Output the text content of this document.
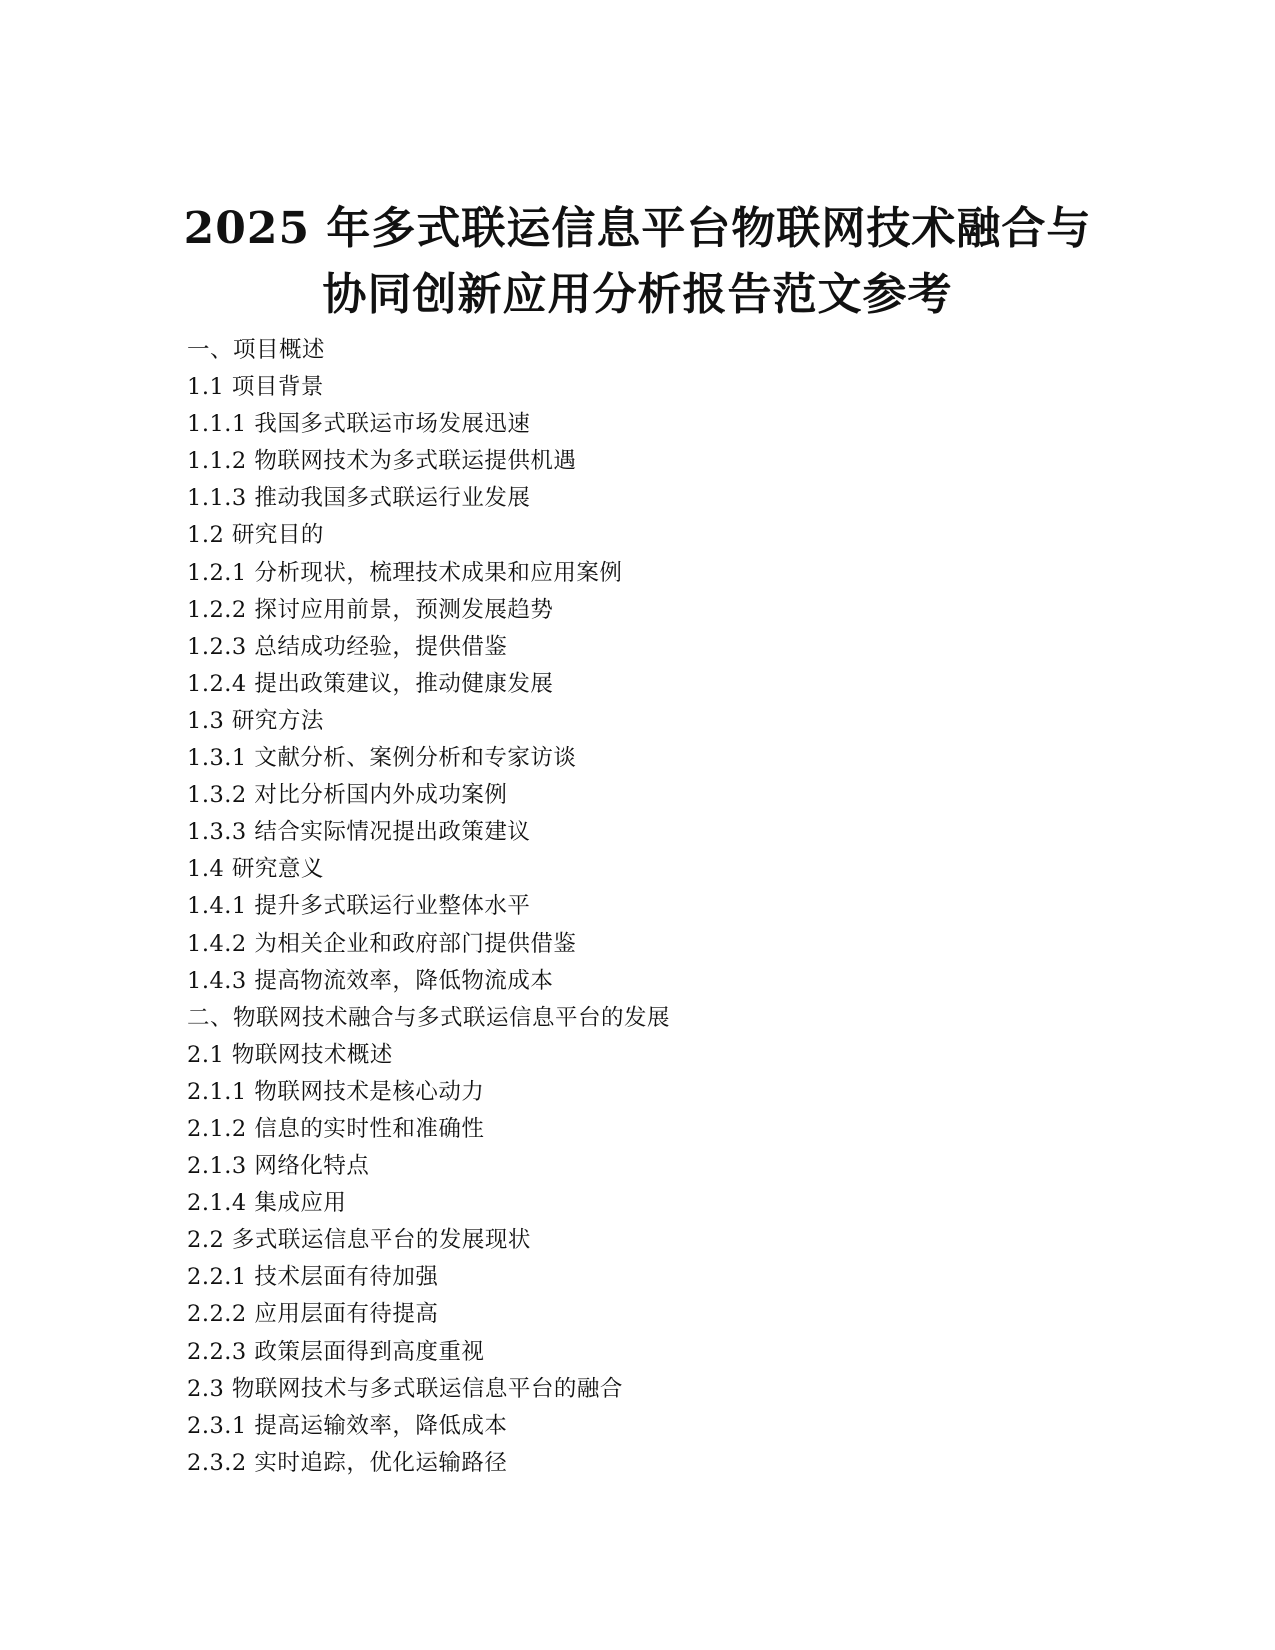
2025 年多式联运信息平台物联网技术融合与
协同创新应用分析报告范文参考
一、项目概述
1.1 项目背景
1.1.1 我国多式联运市场发展迅速
1.1.2 物联网技术为多式联运提供机遇
1.1.3 推动我国多式联运行业发展
1.2 研究目的
1.2.1 分析现状，梳理技术成果和应用案例
1.2.2 探讨应用前景，预测发展趋势
1.2.3 总结成功经验，提供借鉴
1.2.4 提出政策建议，推动健康发展
1.3 研究方法
1.3.1 文献分析、案例分析和专家访谈
1.3.2 对比分析国内外成功案例
1.3.3 结合实际情况提出政策建议
1.4 研究意义
1.4.1 提升多式联运行业整体水平
1.4.2 为相关企业和政府部门提供借鉴
1.4.3 提高物流效率，降低物流成本
二、物联网技术融合与多式联运信息平台的发展
2.1 物联网技术概述
2.1.1 物联网技术是核心动力
2.1.2 信息的实时性和准确性
2.1.3 网络化特点
2.1.4 集成应用
2.2 多式联运信息平台的发展现状
2.2.1 技术层面有待加强
2.2.2 应用层面有待提高
2.2.3 政策层面得到高度重视
2.3 物联网技术与多式联运信息平台的融合
2.3.1 提高运输效率，降低成本
2.3.2 实时追踪，优化运输路径
